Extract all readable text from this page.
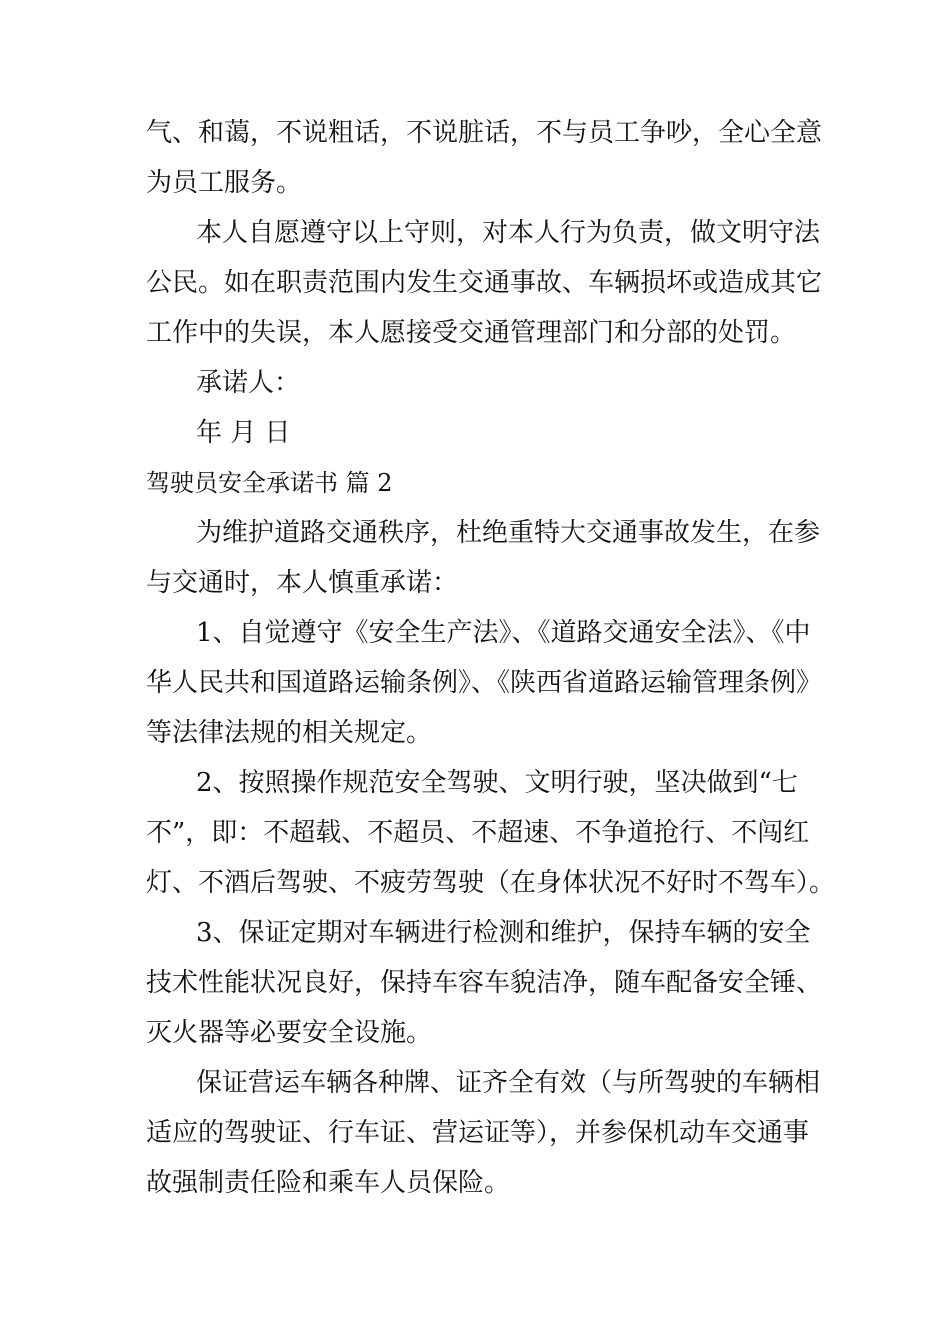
气、和蔼，不说粗话，不说脏话，不与员工争吵，全心全意
为员工服务。
本人自愿遵守以上守则，对本人行为负责，做文明守法
公民。如在职责范围内发生交通事故、车辆损坏或造成其它
工作中的失误，本人愿接受交通管理部门和分部的处罚。
承诺人：
年 月 日
驾驶员安全承诺书 篇 2
为维护道路交通秩序，杜绝重特大交通事故发生，在参
与交通时，本人慎重承诺：
1、自觉遵守《安全生产法》、《道路交通安全法》、《中
华人民共和国道路运输条例》、《陕西省道路运输管理条例》
等法律法规的相关规定。
2、按照操作规范安全驾驶、文明行驶，坚决做到“七
不”，即：不超载、不超员、不超速、不争道抢行、不闯红
灯、不酒后驾驶、不疲劳驾驶（在身体状况不好时不驾车）。
3、保证定期对车辆进行检测和维护，保持车辆的安全
技术性能状况良好，保持车容车貌洁净，随车配备安全锤、
灭火器等必要安全设施。
保证营运车辆各种牌、证齐全有效（与所驾驶的车辆相
适应的驾驶证、行车证、营运证等），并参保机动车交通事
故强制责任险和乘车人员保险。
